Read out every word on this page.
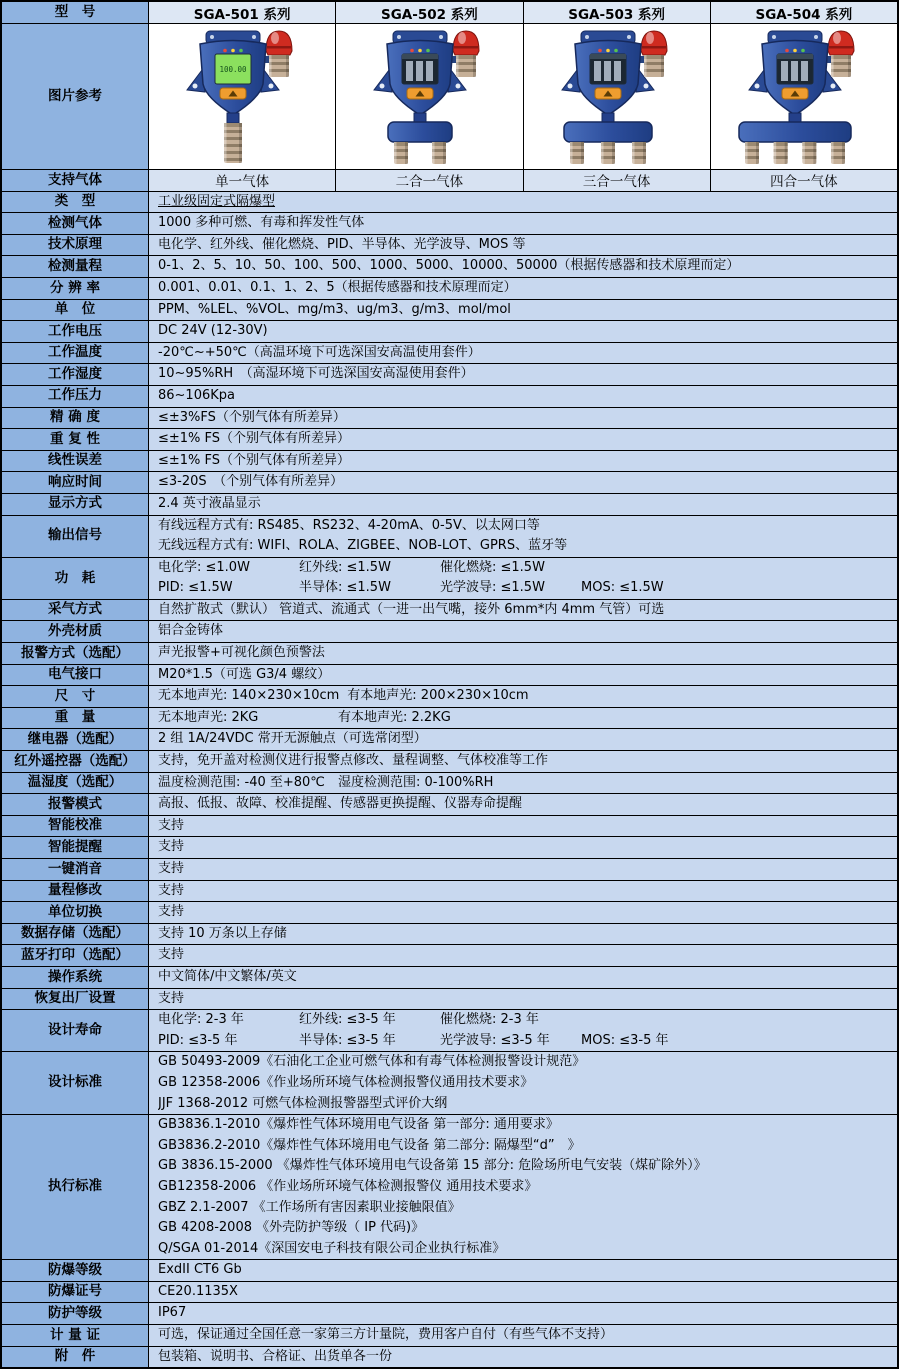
型　号	SGA-501 系列	SGA-502 系列	SGA-503 系列	SGA-504 系列
图片参考
100.00
支持气体	单一气体	二合一气体	三合一气体	四合一气体
类　型	工业级固定式隔爆型
检测气体	1000 多种可燃、有毒和挥发性气体
技术原理	电化学、红外线、催化燃烧、PID、半导体、光学波导、MOS 等
检测量程	0-1、2、5、10、50、100、500、1000、5000、10000、50000（根据传感器和技术原理而定）
分 辨 率	0.001、0.01、0.1、1、2、5（根据传感器和技术原理而定）
单　位	PPM、%LEL、%VOL、mg/m3、ug/m3、g/m3、mol/mol
工作电压	DC 24V (12-30V)
工作温度	-20℃~+50℃（高温环境下可选深国安高温使用套件）
工作湿度	10~95%RH　（高湿环境下可选深国安高湿使用套件）
工作压力	86~106Kpa
精 确 度	≤±3%FS（个别气体有所差异）
重 复 性	≤±1% FS（个别气体有所差异）
线性误差	≤±1% FS（个别气体有所差异）
响应时间	≤3-20S　（个别气体有所差异）
显示方式	2.4 英寸液晶显示
输出信号
有线远程方式有: RS485、RS232、4-20mA、0-5V、以太网口等
无线远程方式有: WIFI、ROLA、ZIGBEE、NOB-LOT、GPRS、蓝牙等
功　耗
电化学: ≤1.0W	红外线: ≤1.5W	催化燃烧: ≤1.5W
PID: ≤1.5W	半导体: ≤1.5W	光学波导: ≤1.5W	MOS: ≤1.5W
采气方式	自然扩散式（默认） 管道式、流通式（一进一出气嘴，接外 6mm*内 4mm 气管）可选
外壳材质	铝合金铸体
报警方式（选配）	声光报警+可视化颜色预警法
电气接口	M20*1.5（可选 G3/4 螺纹）
尺　寸	无本地声光: 140×230×10cm 有本地声光: 200×230×10cm
重　量	无本地声光: 2KG	有本地声光: 2.2KG
继电器（选配）	2 组 1A/24VDC 常开无源触点（可选常闭型）
红外遥控器（选配）	支持，免开盖对检测仪进行报警点修改、量程调整、气体校准等工作
温湿度（选配）	温度检测范围: -40 至+80℃ 湿度检测范围: 0-100%RH
报警模式	高报、低报、故障、校准提醒、传感器更换提醒、仪器寿命提醒
智能校准	支持
智能提醒	支持
一键消音	支持
量程修改	支持
单位切换	支持
数据存储（选配）	支持 10 万条以上存储
蓝牙打印（选配）	支持
操作系统	中文简体/中文繁体/英文
恢复出厂设置	支持
设计寿命
电化学: 2-3 年	红外线: ≤3-5 年	催化燃烧: 2-3 年
PID: ≤3-5 年	半导体: ≤3-5 年	光学波导: ≤3-5 年 MOS: ≤3-5 年
设计标准
GB 50493-2009《石油化工企业可燃气体和有毒气体检测报警设计规范》
GB 12358-2006《作业场所环境气体检测报警仪通用技术要求》
JJF 1368-2012 可燃气体检测报警器型式评价大纲
执行标准
GB3836.1-2010《爆炸性气体环境用电气设备 第一部分: 通用要求》
GB3836.2-2010《爆炸性气体环境用电气设备 第二部分: 隔爆型“d”　》
GB 3836.15-2000 《爆炸性气体环境用电气设备第 15 部分: 危险场所电气安装（煤矿除外）》
GB12358-2006 《作业场所环境气体检测报警仪 通用技术要求》
GBZ 2.1-2007 《工作场所有害因素职业接触限值》
GB 4208-2008 《外壳防护等级（ IP 代码)》
Q/SGA 01-2014《深国安电子科技有限公司企业执行标准》
防爆等级	ExdII CT6 Gb
防爆证号	CE20.1135X
防护等级	IP67
计 量 证	可选，保证通过全国任意一家第三方计量院，费用客户自付（有些气体不支持）
附　件	包装箱、说明书、合格证、出货单各一份
